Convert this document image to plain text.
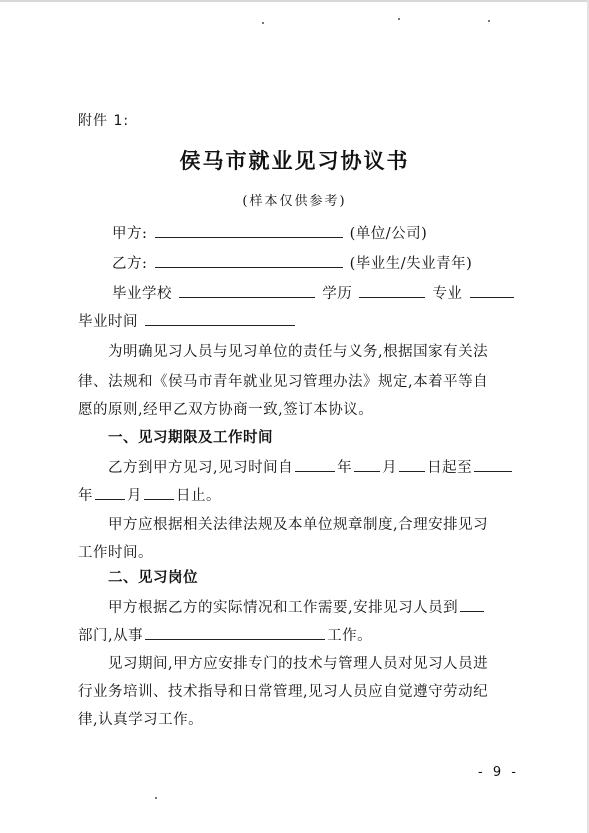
附件 1:
侯马市就业见习协议书
(样本仅供参考)
甲方:	(单位/公司)
乙方:	(毕业生/失业青年)
毕业学校	学历	专业
毕业时间
为明确见习人员与见习单位的责任与义务,根据国家有关法
律、法规和《侯马市青年就业见习管理办法》规定,本着平等自
愿的原则,经甲乙双方协商一致,签订本协议。
一、见习期限及工作时间
乙方到甲方见习,见习时间自	年 月 日起至
年 月 日止。
甲方应根据相关法律法规及本单位规章制度,合理安排见习
工作时间。
二、见习岗位
甲方根据乙方的实际情况和工作需要,安排见习人员到
部门,从事	工作。
见习期间,甲方应安排专门的技术与管理人员对见习人员进
行业务培训、技术指导和日常管理,见习人员应自觉遵守劳动纪
律,认真学习工作。
- 9 -
